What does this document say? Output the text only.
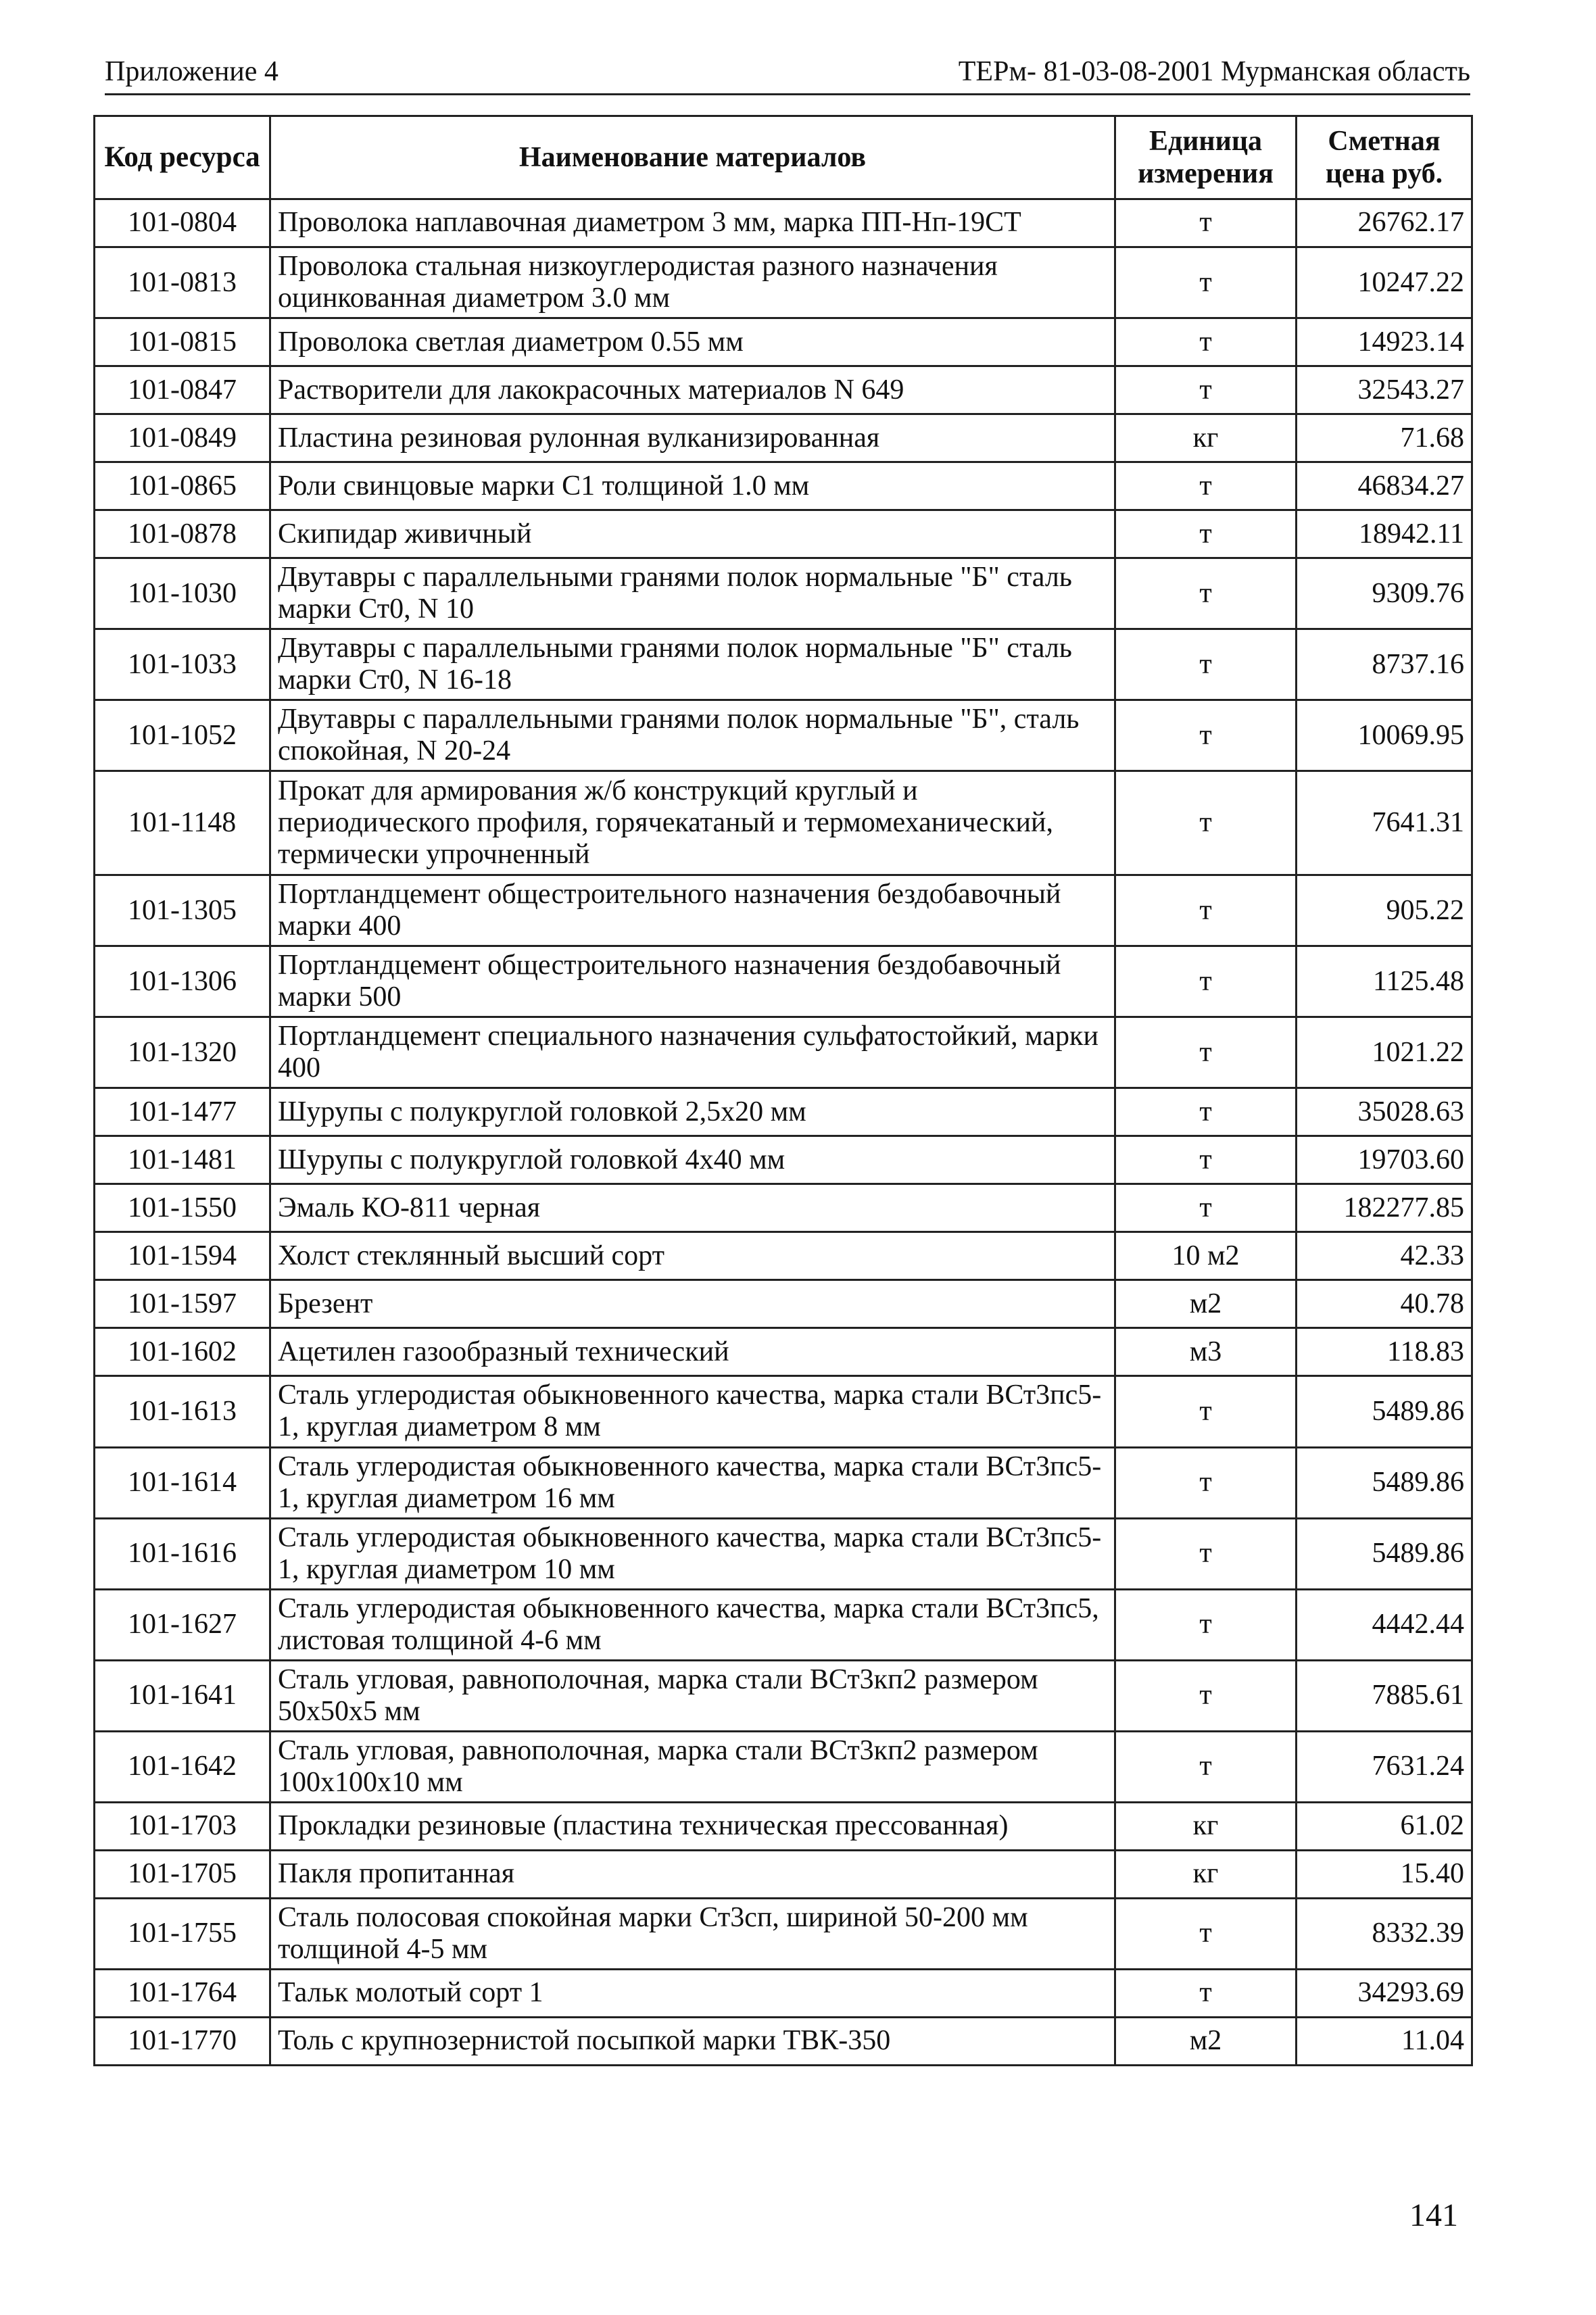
Приложение 4	ТЕРм- 81-03-08-2001 Мурманская область
Код ресурса	Наименование материалов	Единица измерения	Сметная цена руб.
101-0804	Проволока наплавочная диаметром 3 мм, марка ПП-Нп-19СТ	т	26762.17
101-0813	Проволока стальная низкоуглеродистая разного назначения оцинкованная диаметром 3.0 мм	т	10247.22
101-0815	Проволока светлая диаметром 0.55 мм	т	14923.14
101-0847	Растворители для лакокрасочных материалов N 649	т	32543.27
101-0849	Пластина резиновая рулонная вулканизированная	кг	71.68
101-0865	Роли свинцовые марки С1 толщиной 1.0 мм	т	46834.27
101-0878	Скипидар живичный	т	18942.11
101-1030	Двутавры с параллельными гранями полок нормальные "Б" сталь марки Ст0, N 10	т	9309.76
101-1033	Двутавры с параллельными гранями полок нормальные "Б" сталь марки Ст0, N 16-18	т	8737.16
101-1052	Двутавры с параллельными гранями полок нормальные "Б", сталь спокойная, N 20-24	т	10069.95
101-1148	Прокат для армирования ж/б конструкций круглый и периодического профиля, горячекатаный и термомеханический, термически упрочненный	т	7641.31
101-1305	Портландцемент общестроительного назначения бездобавочный марки 400	т	905.22
101-1306	Портландцемент общестроительного назначения бездобавочный марки 500	т	1125.48
101-1320	Портландцемент специального назначения сульфатостойкий, марки 400	т	1021.22
101-1477	Шурупы с полукруглой головкой 2,5х20 мм	т	35028.63
101-1481	Шурупы с полукруглой головкой 4х40 мм	т	19703.60
101-1550	Эмаль КО-811 черная	т	182277.85
101-1594	Холст стеклянный высший сорт	10 м2	42.33
101-1597	Брезент	м2	40.78
101-1602	Ацетилен газообразный технический	м3	118.83
101-1613	Сталь углеродистая обыкновенного качества, марка стали ВСт3пс5-1, круглая диаметром 8 мм	т	5489.86
101-1614	Сталь углеродистая обыкновенного качества, марка стали ВСт3пс5-1, круглая диаметром 16 мм	т	5489.86
101-1616	Сталь углеродистая обыкновенного качества, марка стали ВСт3пс5-1, круглая диаметром 10 мм	т	5489.86
101-1627	Сталь углеродистая обыкновенного качества, марка стали ВСт3пс5, листовая толщиной 4-6 мм	т	4442.44
101-1641	Сталь угловая, равнополочная, марка стали ВСт3кп2 размером 50х50х5 мм	т	7885.61
101-1642	Сталь угловая, равнополочная, марка стали ВСт3кп2 размером 100х100х10 мм	т	7631.24
101-1703	Прокладки резиновые (пластина техническая прессованная)	кг	61.02
101-1705	Пакля пропитанная	кг	15.40
101-1755	Сталь полосовая спокойная марки Ст3сп, шириной 50-200 мм толщиной 4-5 мм	т	8332.39
101-1764	Тальк молотый сорт 1	т	34293.69
101-1770	Толь с крупнозернистой посыпкой марки ТВК-350	м2	11.04
141
